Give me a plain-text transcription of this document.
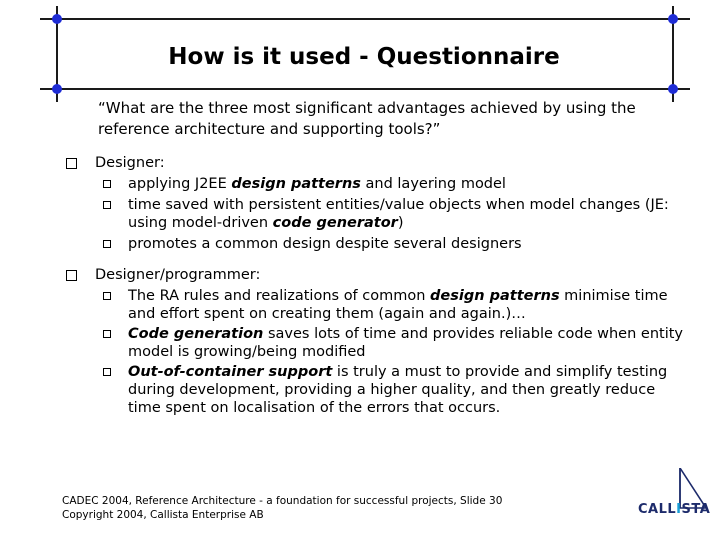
How is it used - Questionnaire
“What are the three most significant advantages achieved by using the reference architecture and supporting tools?”
Designer:
applying J2EE design patterns and layering model
time saved with persistent entities/value objects when model changes (JE: using model-driven code generator)
promotes a common design despite several designers
Designer/programmer:
The RA rules and realizations of common design patterns minimise time and effort spent on creating them (again and again.)…
Code generation saves lots of time and provides reliable code when entity model is growing/being modified
Out-of-container support is truly a must to provide and simplify testing during development, providing a higher quality, and then greatly reduce time spent on localisation of the errors that occurs.
CADEC 2004, Reference Architecture - a foundation for successful projects, Slide 30
Copyright 2004, Callista Enterprise AB	CALLISTA
